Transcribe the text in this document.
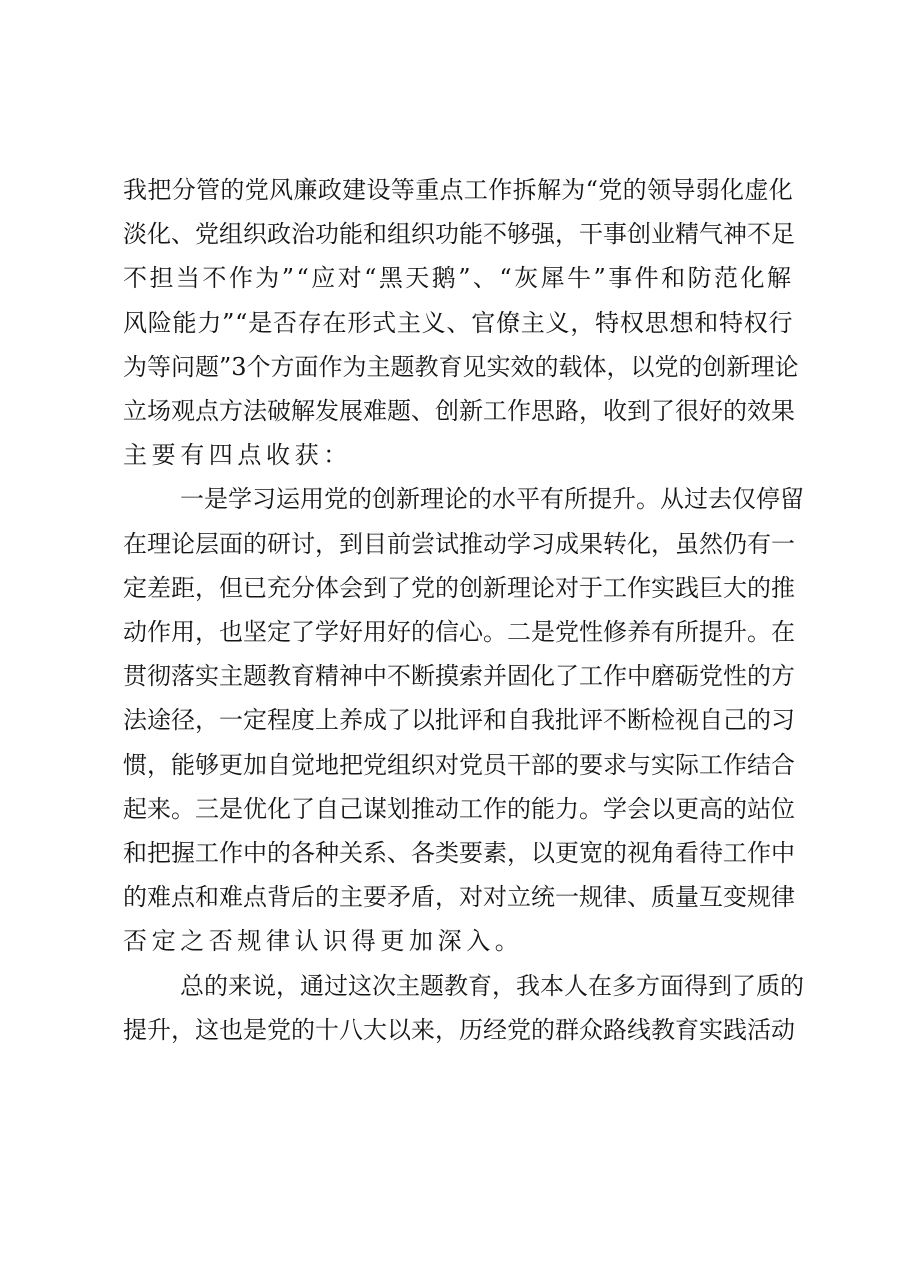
我把分管的党风廉政建设等重点工作拆解为“党的领导弱化虚化
淡化、党组织政治功能和组织功能不够强，干事创业精气神不足
不担当不作为”“应对“黑天鹅”、“灰犀牛”事件和防范化解
风险能力”“是否存在形式主义、官僚主义，特权思想和特权行
为等问题”3个方面作为主题教育见实效的载体，以党的创新理论
立场观点方法破解发展难题、创新工作思路，收到了很好的效果
主要有四点收获：

一是学习运用党的创新理论的水平有所提升。从过去仅停留
在理论层面的研讨，到目前尝试推动学习成果转化，虽然仍有一
定差距，但已充分体会到了党的创新理论对于工作实践巨大的推
动作用，也坚定了学好用好的信心。二是党性修养有所提升。在
贯彻落实主题教育精神中不断摸索并固化了工作中磨砺党性的方
法途径，一定程度上养成了以批评和自我批评不断检视自己的习
惯，能够更加自觉地把党组织对党员干部的要求与实际工作结合
起来。三是优化了自己谋划推动工作的能力。学会以更高的站位
和把握工作中的各种关系、各类要素，以更宽的视角看待工作中
的难点和难点背后的主要矛盾，对对立统一规律、质量互变规律
否定之否规律认识得更加深入。

总的来说，通过这次主题教育，我本人在多方面得到了质的
提升，这也是党的十八大以来，历经党的群众路线教育实践活动
